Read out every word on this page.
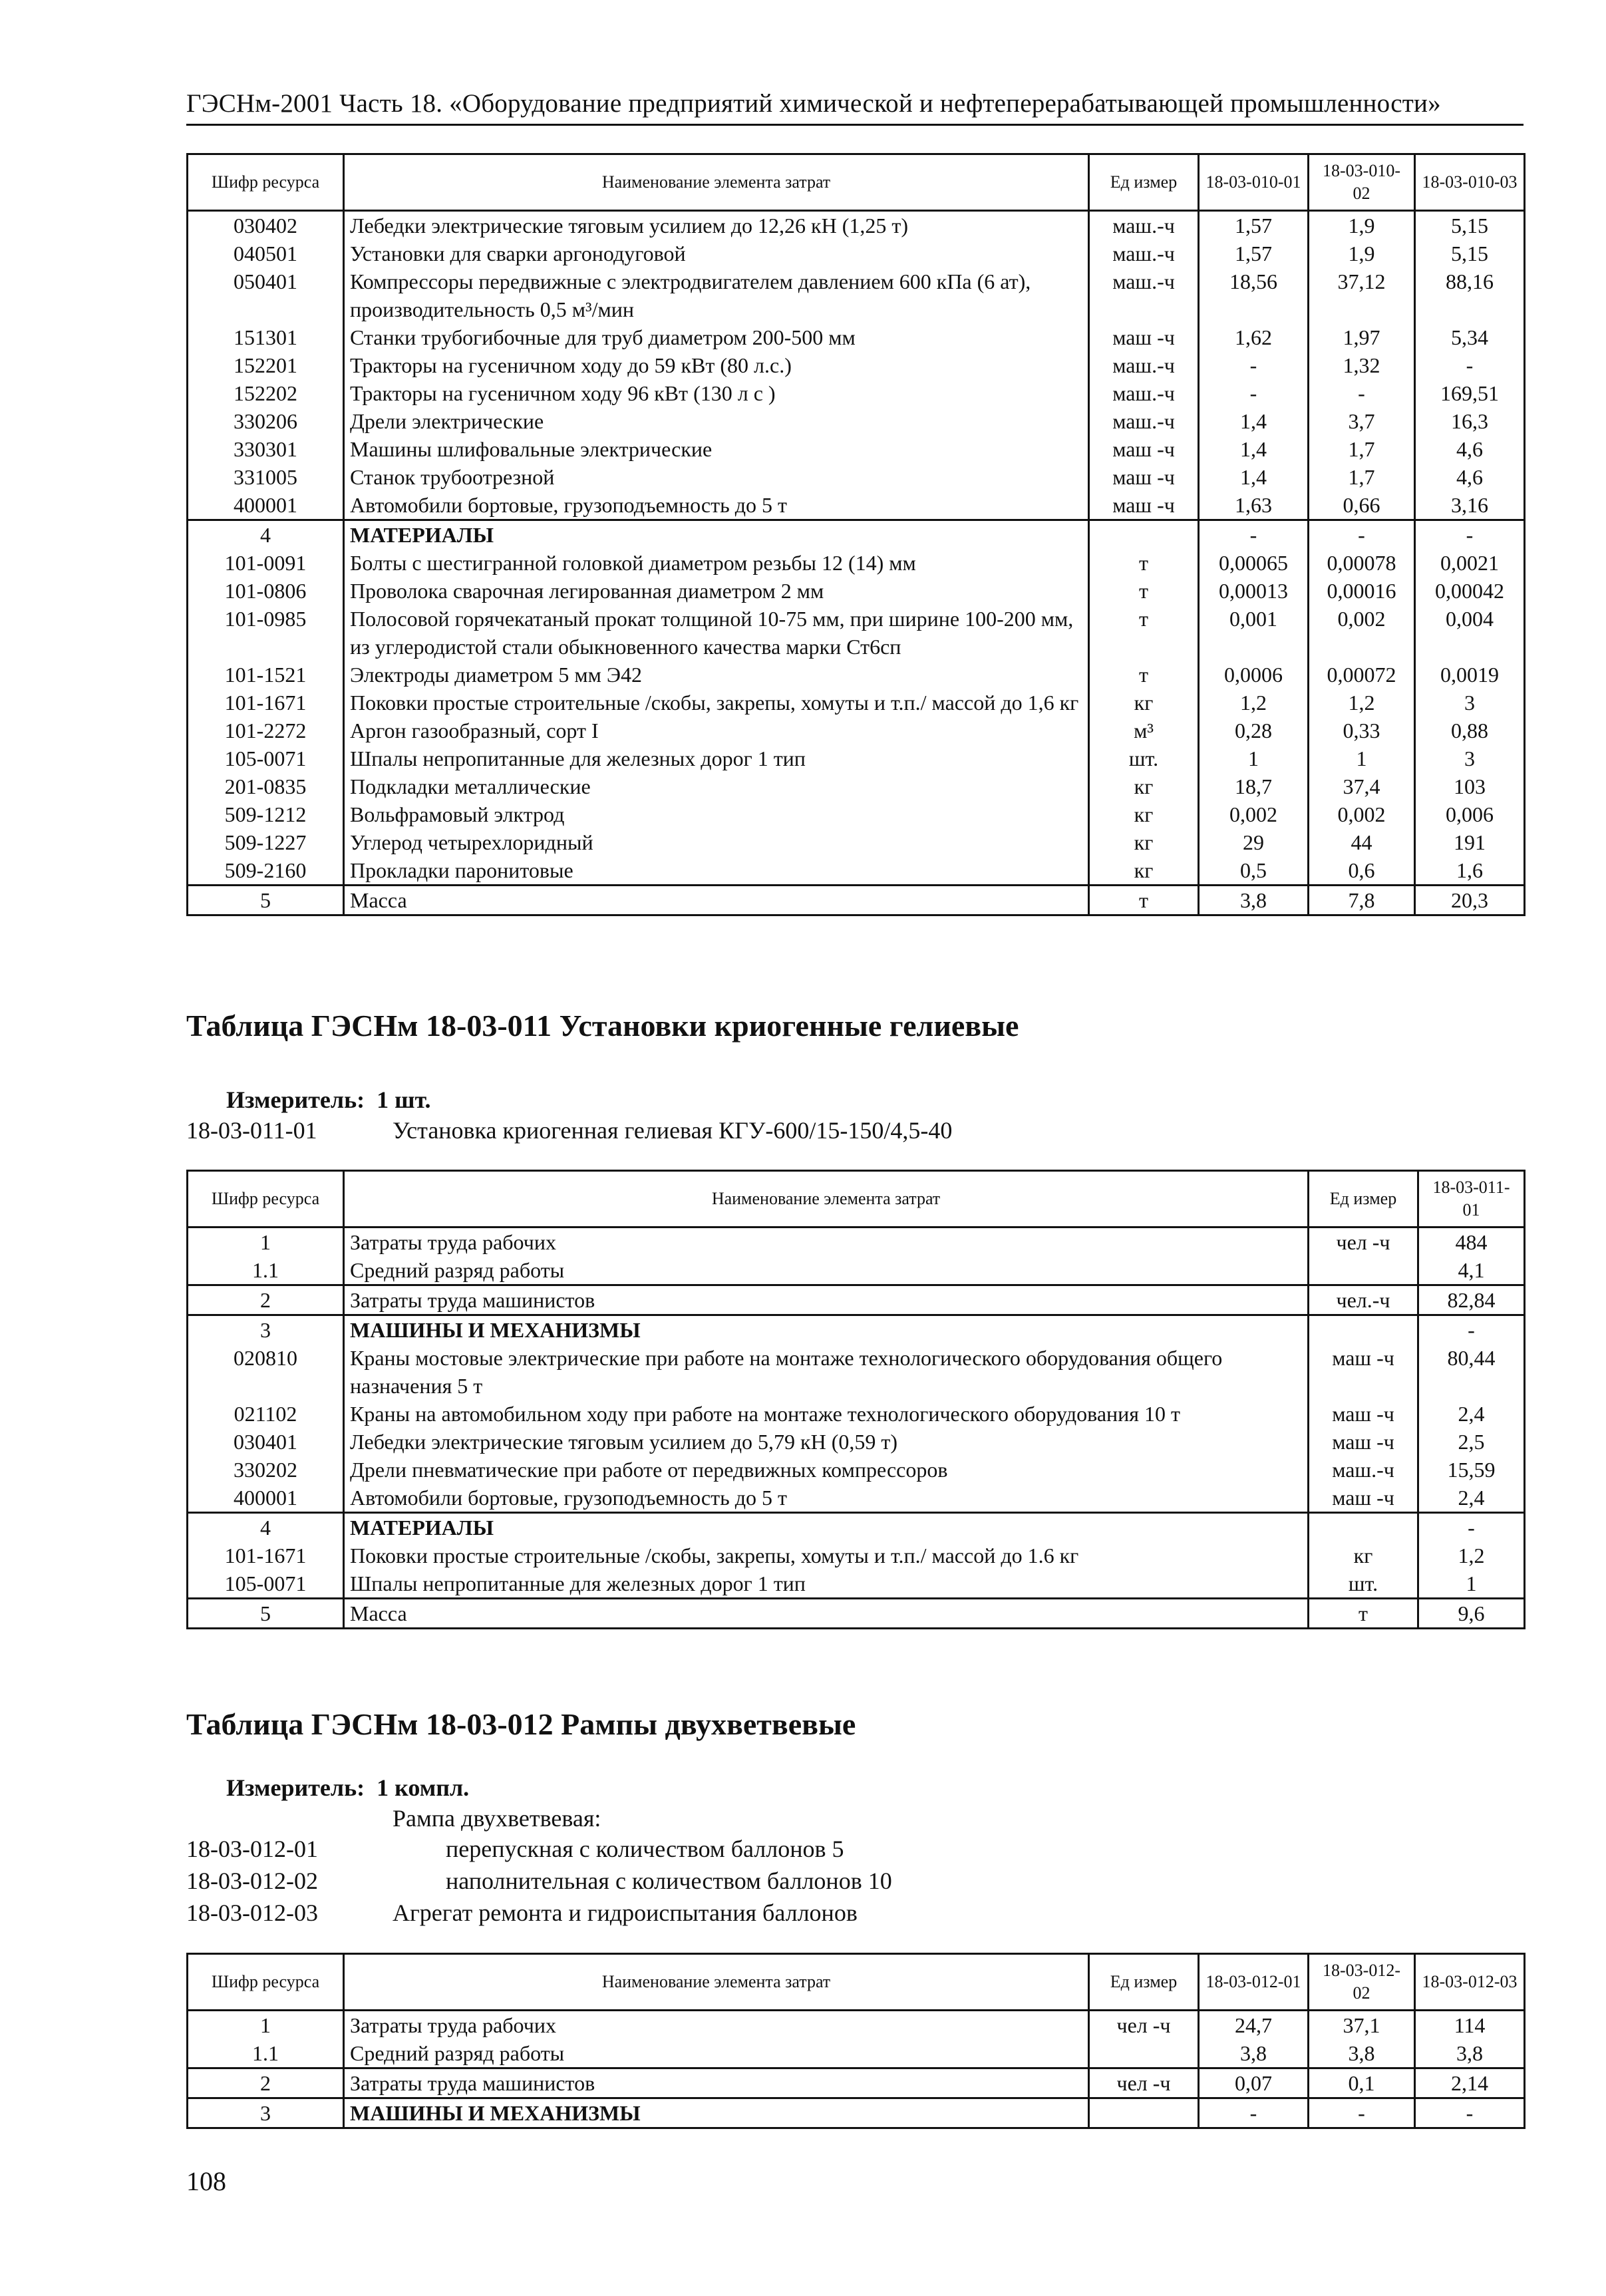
ГЭСНм-2001 Часть 18. «Оборудование предприятий химической и нефтеперерабатывающей промышленности»
Шифр ресурса	Наименование элемента затрат	Ед измер	18-03-010-01	18-03-010-02	18-03-010-03
030402	Лебедки электрические тяговым усилием до 12,26 кН (1,25 т)	маш.-ч	1,57	1,9	5,15
040501	Установки для сварки аргонодуговой	маш.-ч	1,57	1,9	5,15
050401	Компрессоры передвижные с электродвигателем давлением 600 кПа (6 ат), производительность 0,5 м³/мин	маш.-ч	18,56	37,12	88,16
151301	Станки трубогибочные для труб диаметром 200-500 мм	маш -ч	1,62	1,97	5,34
152201	Тракторы на гусеничном ходу до 59 кВт (80 л.с.)	маш.-ч	-	1,32	-
152202	Тракторы на гусеничном ходу 96 кВт (130 л с )	маш.-ч	-	-	169,51
330206	Дрели электрические	маш.-ч	1,4	3,7	16,3
330301	Машины шлифовальные электрические	маш -ч	1,4	1,7	4,6
331005	Станок трубоотрезной	маш -ч	1,4	1,7	4,6
400001	Автомобили бортовые, грузоподъемность до 5 т	маш -ч	1,63	0,66	3,16
4	МАТЕРИАЛЫ		-	-	-
101-0091	Болты с шестигранной головкой диаметром резьбы 12 (14) мм	т	0,00065	0,00078	0,0021
101-0806	Проволока сварочная легированная диаметром 2 мм	т	0,00013	0,00016	0,00042
101-0985	Полосовой горячекатаный прокат толщиной 10-75 мм, при ширине 100-200 мм, из углеродистой стали обыкновенного качества марки Ст6сп	т	0,001	0,002	0,004
101-1521	Электроды диаметром 5 мм Э42	т	0,0006	0,00072	0,0019
101-1671	Поковки простые строительные /скобы, закрепы, хомуты и т.п./ массой до 1,6 кг	кг	1,2	1,2	3
101-2272	Аргон газообразный, сорт I	м³	0,28	0,33	0,88
105-0071	Шпалы непропитанные для железных дорог 1 тип	шт.	1	1	3
201-0835	Подкладки металлические	кг	18,7	37,4	103
509-1212	Вольфрамовый элктрод	кг	0,002	0,002	0,006
509-1227	Углерод четырехлоридный	кг	29	44	191
509-2160	Прокладки паронитовые	кг	0,5	0,6	1,6
5	Масса	т	3,8	7,8	20,3
Таблица ГЭСНм 18-03-011 Установки криогенные гелиевые
Измеритель: 1 шт.
18-03-011-01	Установка криогенная гелиевая КГУ-600/15-150/4,5-40
Шифр ресурса	Наименование элемента затрат	Ед измер	18-03-011-01
1	Затраты труда рабочих	чел -ч	484
1.1	Средний разряд работы		4,1
2	Затраты труда машинистов	чел.-ч	82,84
3	МАШИНЫ И МЕХАНИЗМЫ		-
020810	Краны мостовые электрические при работе на монтаже технологического оборудования общего назначения 5 т	маш -ч	80,44
021102	Краны на автомобильном ходу при работе на монтаже технологического оборудования 10 т	маш -ч	2,4
030401	Лебедки электрические тяговым усилием до 5,79 кН (0,59 т)	маш -ч	2,5
330202	Дрели пневматические при работе от передвижных компрессоров	маш.-ч	15,59
400001	Автомобили бортовые, грузоподъемность до 5 т	маш -ч	2,4
4	МАТЕРИАЛЫ		-
101-1671	Поковки простые строительные /скобы, закрепы, хомуты и т.п./ массой до 1.6 кг	кг	1,2
105-0071	Шпалы непропитанные для железных дорог 1 тип	шт.	1
5	Масса	т	9,6
Таблица ГЭСНм 18-03-012 Рампы двухветвевые
Измеритель: 1 компл.
Рампа двухветвевая:
18-03-012-01	перепускная с количеством баллонов 5
18-03-012-02	наполнительная с количеством баллонов 10
18-03-012-03	Агрегат ремонта и гидроиспытания баллонов
Шифр ресурса	Наименование элемента затрат	Ед измер	18-03-012-01	18-03-012-02	18-03-012-03
1	Затраты труда рабочих	чел -ч	24,7	37,1	114
1.1	Средний разряд работы		3,8	3,8	3,8
2	Затраты труда машинистов	чел -ч	0,07	0,1	2,14
3	МАШИНЫ И МЕХАНИЗМЫ		-	-	-
108
